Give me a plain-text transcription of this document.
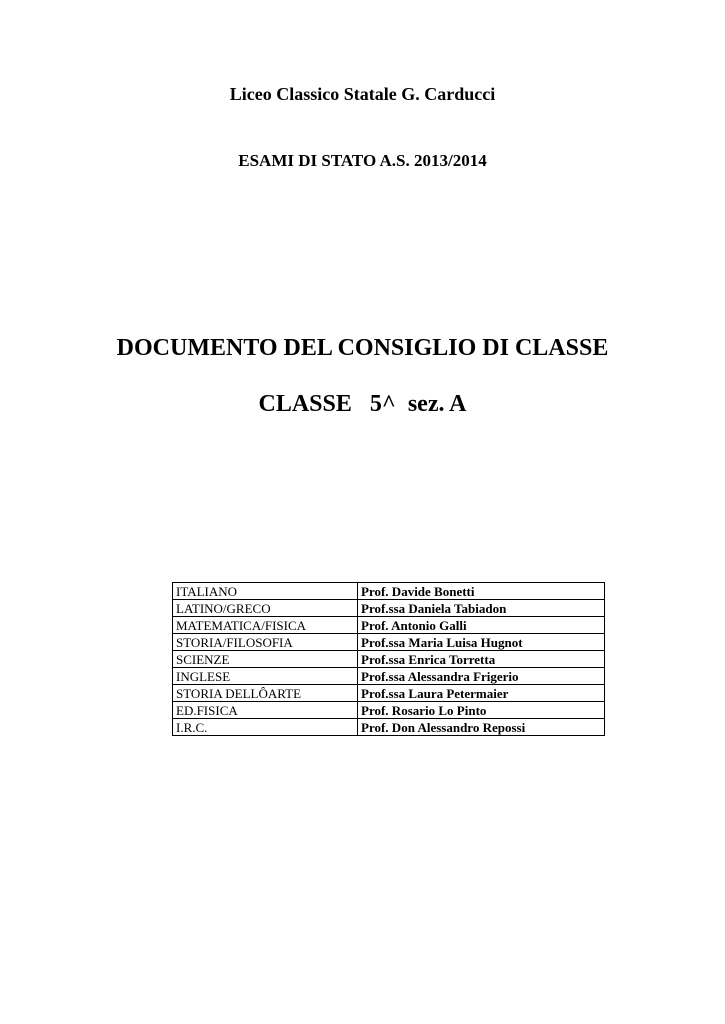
Liceo Classico Statale G. Carducci
ESAMI DI STATO A.S. 2013/2014
DOCUMENTO DEL CONSIGLIO DI CLASSE
CLASSE   5^  sez. A
ITALIANO	Prof. Davide Bonetti
LATINO/GRECO	Prof.ssa Daniela Tabiadon
MATEMATICA/FISICA	Prof. Antonio Galli
STORIA/FILOSOFIA	Prof.ssa Maria Luisa Hugnot
SCIENZE	Prof.ssa Enrica Torretta
INGLESE	Prof.ssa Alessandra Frigerio
STORIA DELLÔARTE	Prof.ssa Laura Petermaier
ED.FISICA	Prof. Rosario Lo Pinto
I.R.C.	Prof. Don Alessandro Repossi
